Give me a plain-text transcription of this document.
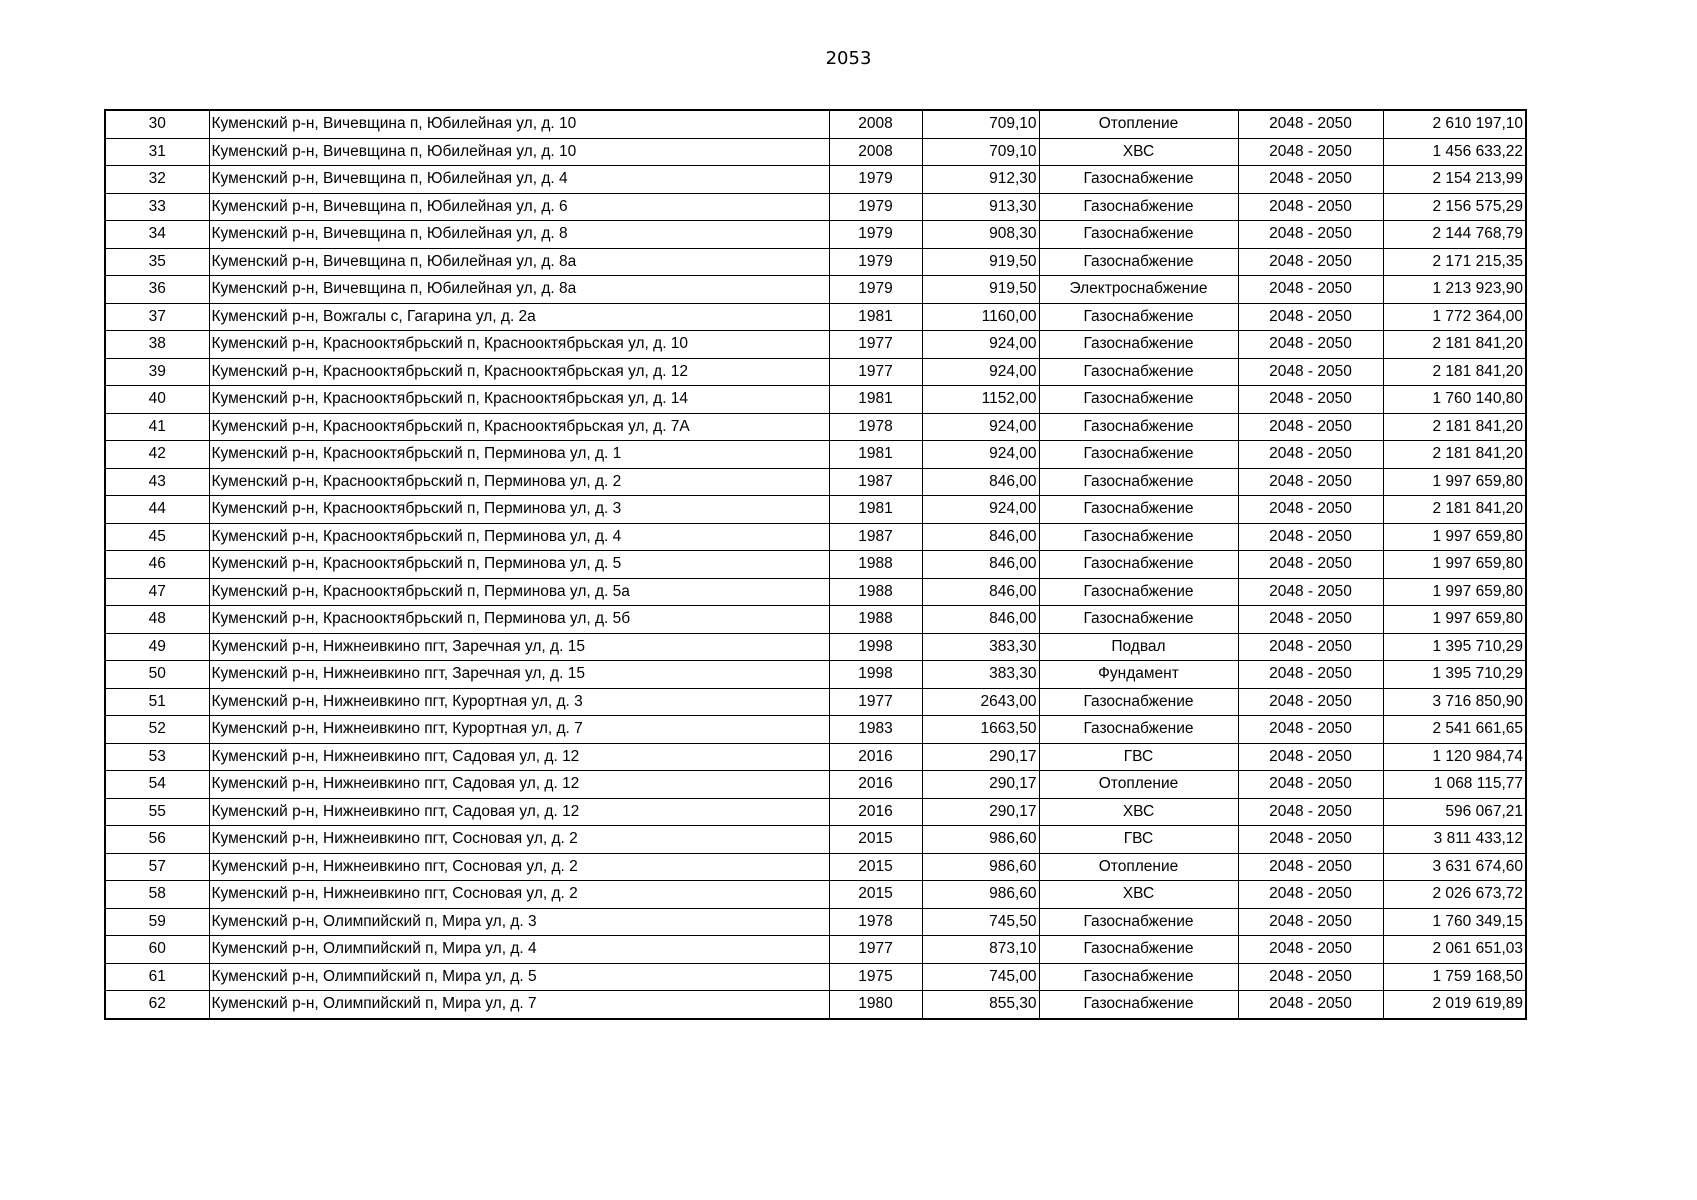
2053
30	Куменский р-н, Вичевщина п, Юбилейная ул, д. 10	2008	709,10	Отопление	2048 - 2050	2 610 197,10
31	Куменский р-н, Вичевщина п, Юбилейная ул, д. 10	2008	709,10	ХВС	2048 - 2050	1 456 633,22
32	Куменский р-н, Вичевщина п, Юбилейная ул, д. 4	1979	912,30	Газоснабжение	2048 - 2050	2 154 213,99
33	Куменский р-н, Вичевщина п, Юбилейная ул, д. 6	1979	913,30	Газоснабжение	2048 - 2050	2 156 575,29
34	Куменский р-н, Вичевщина п, Юбилейная ул, д. 8	1979	908,30	Газоснабжение	2048 - 2050	2 144 768,79
35	Куменский р-н, Вичевщина п, Юбилейная ул, д. 8а	1979	919,50	Газоснабжение	2048 - 2050	2 171 215,35
36	Куменский р-н, Вичевщина п, Юбилейная ул, д. 8а	1979	919,50	Электроснабжение	2048 - 2050	1 213 923,90
37	Куменский р-н, Вожгалы с, Гагарина ул, д. 2а	1981	1160,00	Газоснабжение	2048 - 2050	1 772 364,00
38	Куменский р-н, Краснооктябрьский п, Краснооктябрьская ул, д. 10	1977	924,00	Газоснабжение	2048 - 2050	2 181 841,20
39	Куменский р-н, Краснооктябрьский п, Краснооктябрьская ул, д. 12	1977	924,00	Газоснабжение	2048 - 2050	2 181 841,20
40	Куменский р-н, Краснооктябрьский п, Краснооктябрьская ул, д. 14	1981	1152,00	Газоснабжение	2048 - 2050	1 760 140,80
41	Куменский р-н, Краснооктябрьский п, Краснооктябрьская ул, д. 7А	1978	924,00	Газоснабжение	2048 - 2050	2 181 841,20
42	Куменский р-н, Краснооктябрьский п, Перминова ул, д. 1	1981	924,00	Газоснабжение	2048 - 2050	2 181 841,20
43	Куменский р-н, Краснооктябрьский п, Перминова ул, д. 2	1987	846,00	Газоснабжение	2048 - 2050	1 997 659,80
44	Куменский р-н, Краснооктябрьский п, Перминова ул, д. 3	1981	924,00	Газоснабжение	2048 - 2050	2 181 841,20
45	Куменский р-н, Краснооктябрьский п, Перминова ул, д. 4	1987	846,00	Газоснабжение	2048 - 2050	1 997 659,80
46	Куменский р-н, Краснооктябрьский п, Перминова ул, д. 5	1988	846,00	Газоснабжение	2048 - 2050	1 997 659,80
47	Куменский р-н, Краснооктябрьский п, Перминова ул, д. 5а	1988	846,00	Газоснабжение	2048 - 2050	1 997 659,80
48	Куменский р-н, Краснооктябрьский п, Перминова ул, д. 5б	1988	846,00	Газоснабжение	2048 - 2050	1 997 659,80
49	Куменский р-н, Нижнеивкино пгт, Заречная ул, д. 15	1998	383,30	Подвал	2048 - 2050	1 395 710,29
50	Куменский р-н, Нижнеивкино пгт, Заречная ул, д. 15	1998	383,30	Фундамент	2048 - 2050	1 395 710,29
51	Куменский р-н, Нижнеивкино пгт, Курортная ул, д. 3	1977	2643,00	Газоснабжение	2048 - 2050	3 716 850,90
52	Куменский р-н, Нижнеивкино пгт, Курортная ул, д. 7	1983	1663,50	Газоснабжение	2048 - 2050	2 541 661,65
53	Куменский р-н, Нижнеивкино пгт, Садовая ул, д. 12	2016	290,17	ГВС	2048 - 2050	1 120 984,74
54	Куменский р-н, Нижнеивкино пгт, Садовая ул, д. 12	2016	290,17	Отопление	2048 - 2050	1 068 115,77
55	Куменский р-н, Нижнеивкино пгт, Садовая ул, д. 12	2016	290,17	ХВС	2048 - 2050	596 067,21
56	Куменский р-н, Нижнеивкино пгт, Сосновая ул, д. 2	2015	986,60	ГВС	2048 - 2050	3 811 433,12
57	Куменский р-н, Нижнеивкино пгт, Сосновая ул, д. 2	2015	986,60	Отопление	2048 - 2050	3 631 674,60
58	Куменский р-н, Нижнеивкино пгт, Сосновая ул, д. 2	2015	986,60	ХВС	2048 - 2050	2 026 673,72
59	Куменский р-н, Олимпийский п, Мира ул, д. 3	1978	745,50	Газоснабжение	2048 - 2050	1 760 349,15
60	Куменский р-н, Олимпийский п, Мира ул, д. 4	1977	873,10	Газоснабжение	2048 - 2050	2 061 651,03
61	Куменский р-н, Олимпийский п, Мира ул, д. 5	1975	745,00	Газоснабжение	2048 - 2050	1 759 168,50
62	Куменский р-н, Олимпийский п, Мира ул, д. 7	1980	855,30	Газоснабжение	2048 - 2050	2 019 619,89
